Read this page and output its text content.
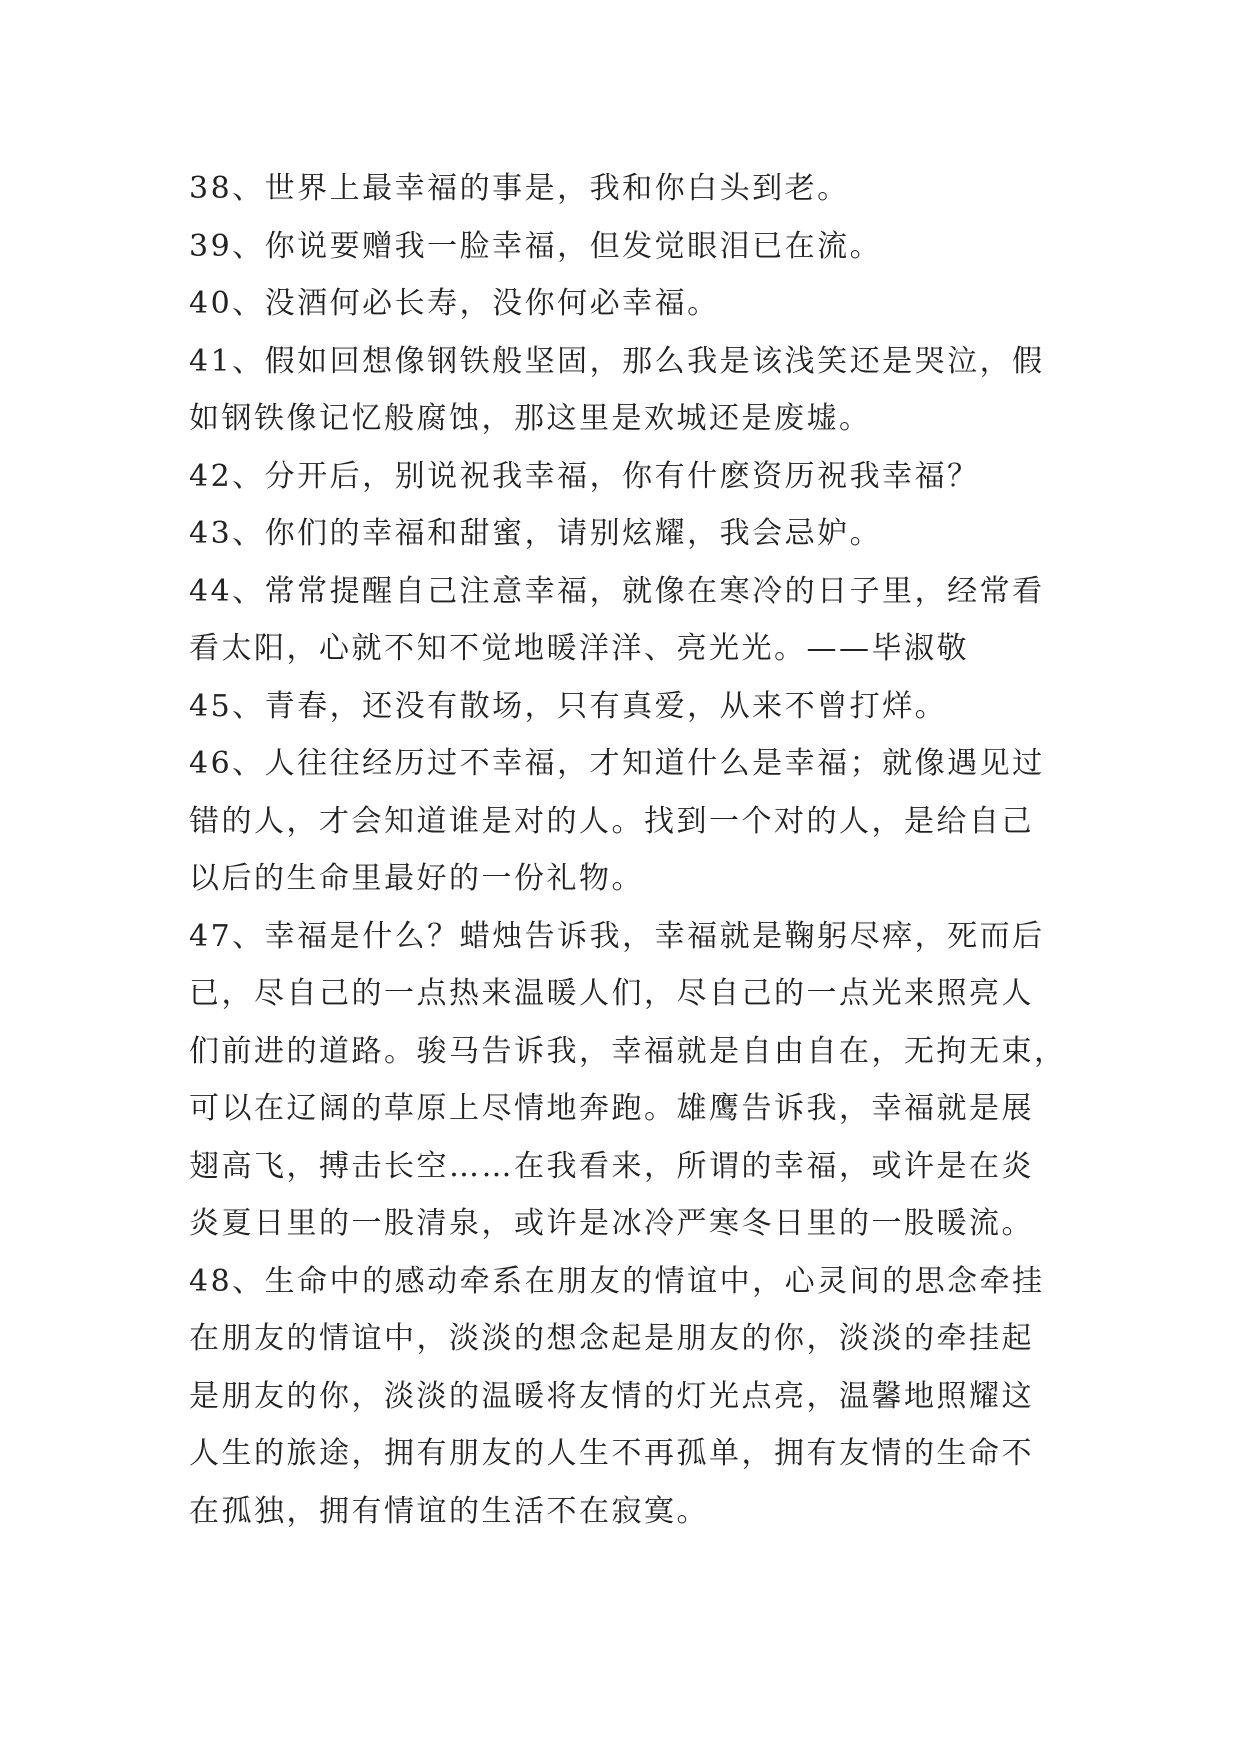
38、世界上最幸福的事是，我和你白头到老。
39、你说要赠我一脸幸福，但发觉眼泪已在流。
40、没酒何必长寿，没你何必幸福。
41、假如回想像钢铁般坚固，那么我是该浅笑还是哭泣，假
如钢铁像记忆般腐蚀，那这里是欢城还是废墟。
42、分开后，别说祝我幸福，你有什麽资历祝我幸福？
43、你们的幸福和甜蜜，请别炫耀，我会忌妒。
44、常常提醒自己注意幸福，就像在寒冷的日子里，经常看
看太阳，心就不知不觉地暖洋洋、亮光光。——毕淑敬
45、青春，还没有散场，只有真爱，从来不曾打烊。
46、人往往经历过不幸福，才知道什么是幸福；就像遇见过
错的人，才会知道谁是对的人。找到一个对的人，是给自己
以后的生命里最好的一份礼物。
47、幸福是什么？蜡烛告诉我，幸福就是鞠躬尽瘁，死而后
已，尽自己的一点热来温暖人们，尽自己的一点光来照亮人
们前进的道路。骏马告诉我，幸福就是自由自在，无拘无束，
可以在辽阔的草原上尽情地奔跑。雄鹰告诉我，幸福就是展
翅高飞，搏击长空……在我看来，所谓的幸福，或许是在炎
炎夏日里的一股清泉，或许是冰冷严寒冬日里的一股暖流。
48、生命中的感动牵系在朋友的情谊中，心灵间的思念牵挂
在朋友的情谊中，淡淡的想念起是朋友的你，淡淡的牵挂起
是朋友的你，淡淡的温暖将友情的灯光点亮，温馨地照耀这
人生的旅途，拥有朋友的人生不再孤单，拥有友情的生命不
在孤独，拥有情谊的生活不在寂寞。
